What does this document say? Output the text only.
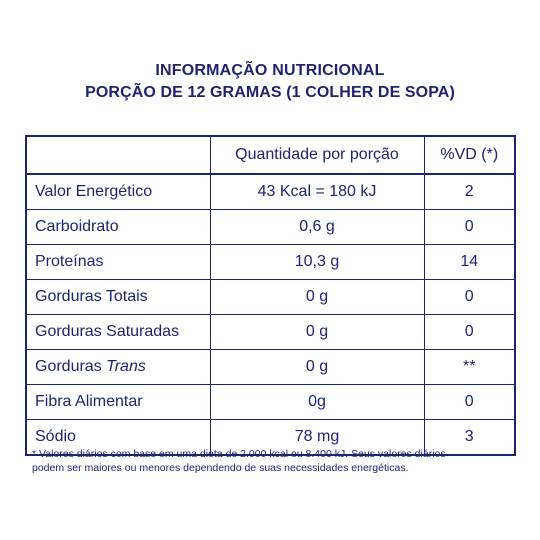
INFORMAÇÃO NUTRICIONAL
PORÇÃO DE 12 GRAMAS (1 COLHER DE SOPA)
	Quantidade por porção	%VD (*)
Valor Energético	43 Kcal = 180 kJ	2
Carboidrato	0,6 g	0
Proteínas	10,3 g	14
Gorduras Totais	0 g	0
Gorduras Saturadas	0 g	0
Gorduras Trans	0 g	**
Fibra Alimentar	0g	0
Sódio	78 mg	3
* Valores diários com base em uma dieta de 2.000 kcal ou 8.400 kJ. Seus valores diários
podem ser maiores ou menores dependendo de suas necessidades energéticas.
